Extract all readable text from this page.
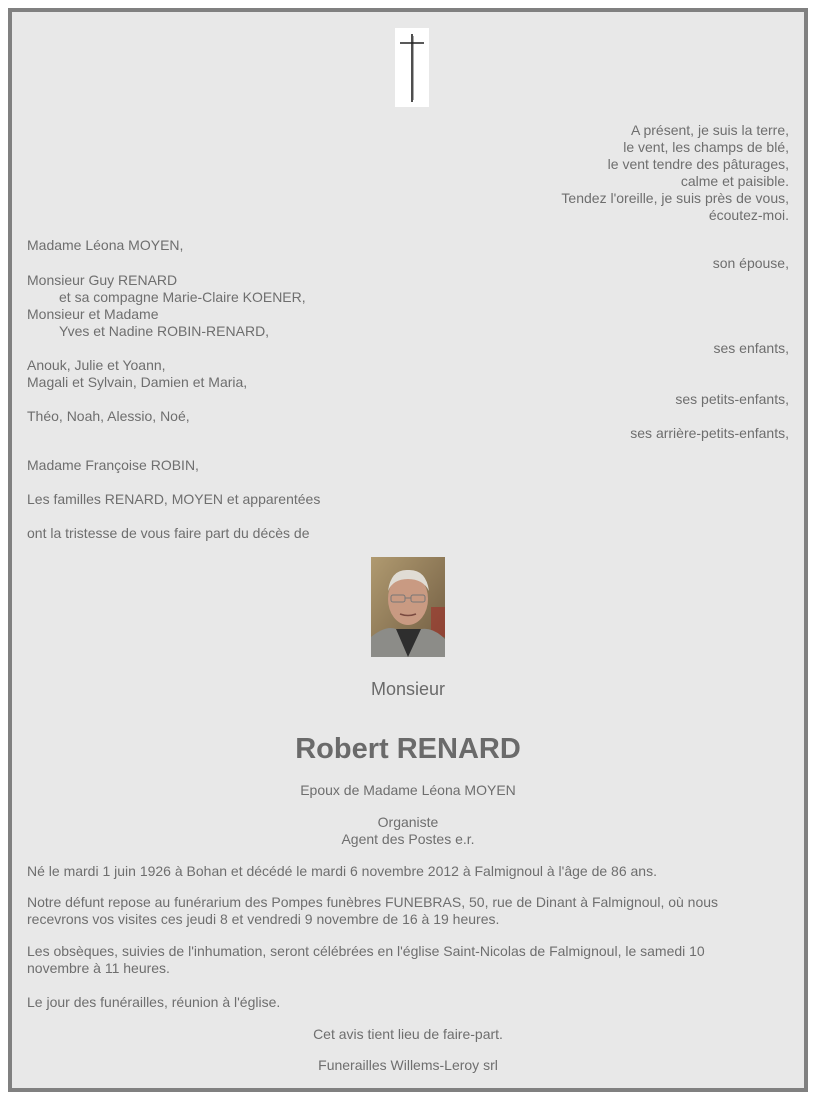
A présent, je suis la terre,
le vent, les champs de blé,
le vent tendre des pâturages,
calme et paisible.
Tendez l'oreille, je suis près de vous,
écoutez-moi.
Madame Léona MOYEN,
son épouse,
Monsieur Guy RENARD
et sa compagne Marie-Claire KOENER,
Monsieur et Madame
Yves et Nadine ROBIN-RENARD,
ses enfants,
Anouk, Julie et Yoann,
Magali et Sylvain, Damien et Maria,
ses petits-enfants,
Théo, Noah, Alessio, Noé,
ses arrière-petits-enfants,
Madame Françoise ROBIN,
Les familles RENARD, MOYEN et apparentées
ont la tristesse de vous faire part du décès de
Monsieur
Robert RENARD
Epoux de Madame Léona MOYEN
Organiste
Agent des Postes e.r.
Né le mardi 1 juin 1926 à Bohan et décédé le mardi 6 novembre 2012 à Falmignoul à l'âge de 86 ans.
Notre défunt repose au funérarium des Pompes funèbres FUNEBRAS, 50, rue de Dinant à Falmignoul, où nous
recevrons vos visites ces jeudi 8 et vendredi 9 novembre de 16 à 19 heures.
Les obsèques, suivies de l'inhumation, seront célébrées en l'église Saint-Nicolas de Falmignoul, le samedi 10
novembre à 11 heures.
Le jour des funérailles, réunion à l'église.
Cet avis tient lieu de faire-part.
Funerailles Willems-Leroy srl
